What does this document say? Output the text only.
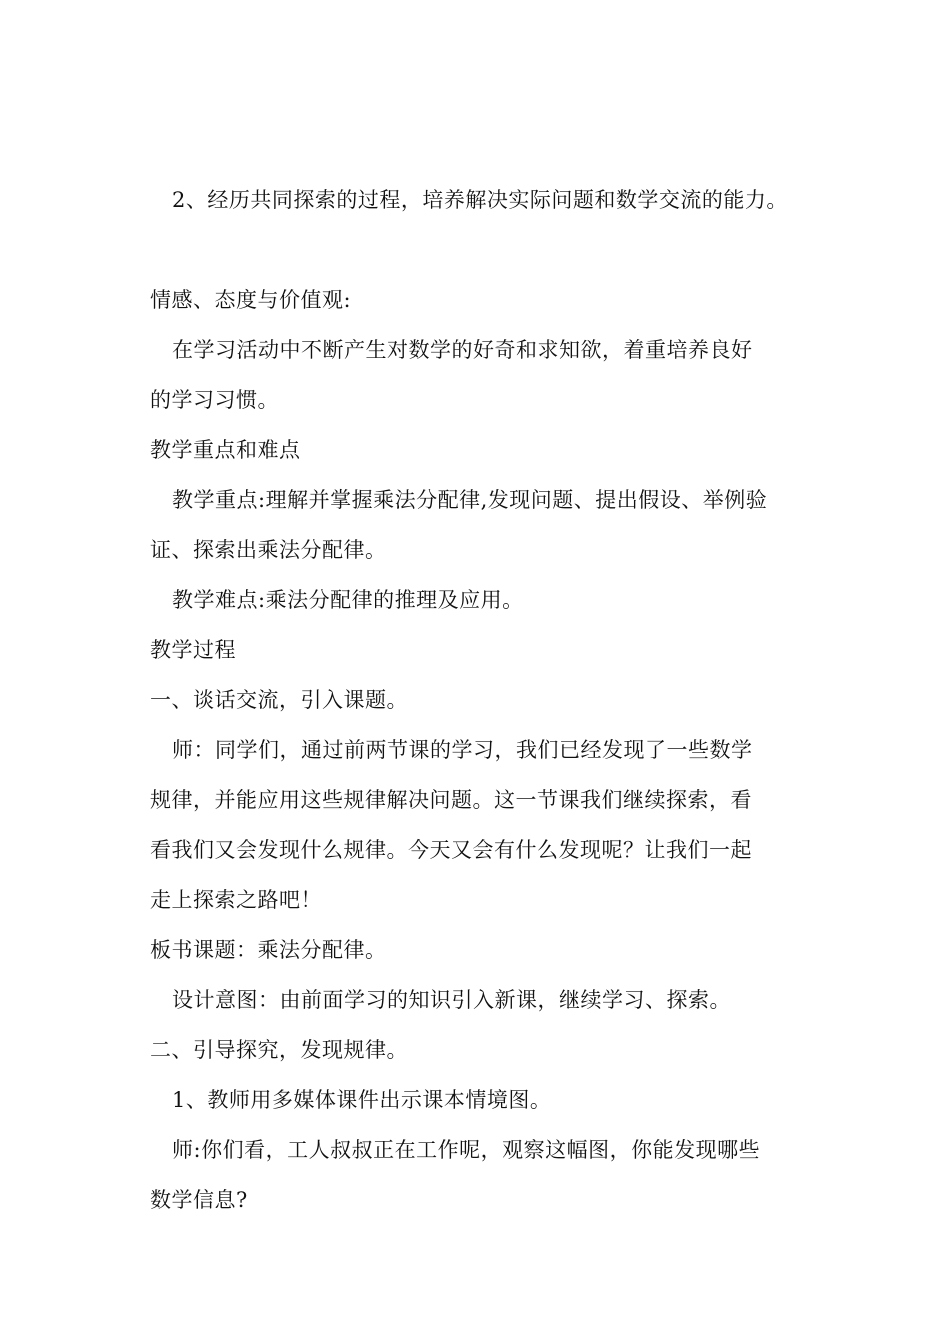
2、经历共同探索的过程，培养解决实际问题和数学交流的能力。
情感、态度与价值观:
在学习活动中不断产生对数学的好奇和求知欲，着重培养良好
的学习习惯。
教学重点和难点
教学重点:理解并掌握乘法分配律,发现问题、提出假设、举例验
证、探索出乘法分配律。
教学难点:乘法分配律的推理及应用。
教学过程
一、谈话交流，引入课题。
师：同学们，通过前两节课的学习，我们已经发现了一些数学
规律，并能应用这些规律解决问题。这一节课我们继续探索，看
看我们又会发现什么规律。今天又会有什么发现呢？让我们一起
走上探索之路吧！
板书课题：乘法分配律。
设计意图：由前面学习的知识引入新课，继续学习、探索。
二、引导探究，发现规律。
1、教师用多媒体课件出示课本情境图。
师:你们看，工人叔叔正在工作呢，观察这幅图，你能发现哪些
数学信息?
